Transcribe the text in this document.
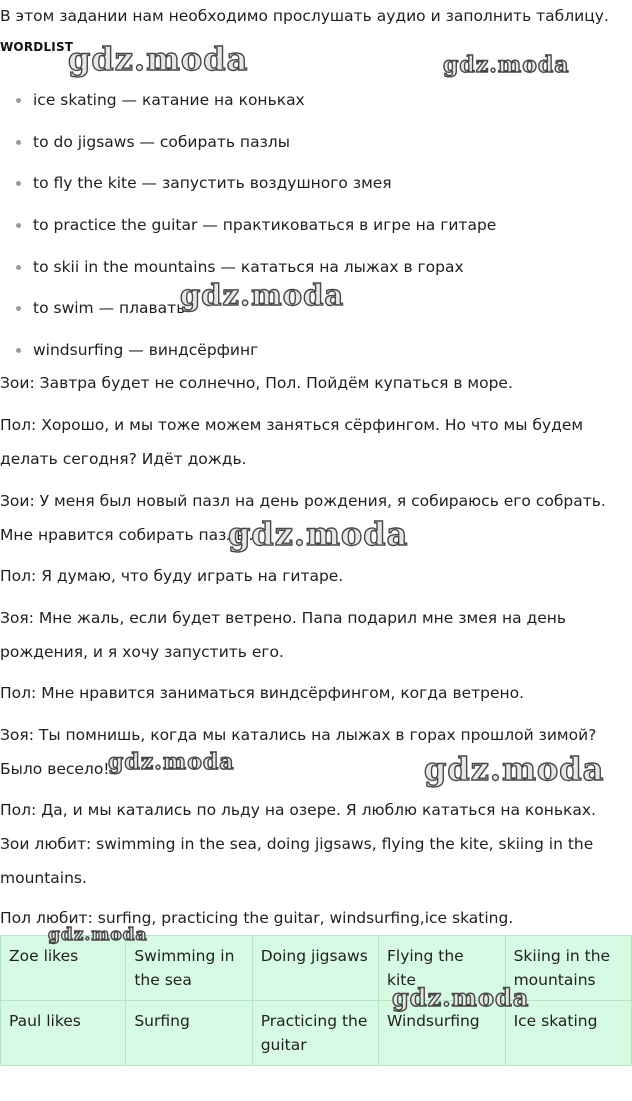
В этом задании нам необходимо прослушать аудио и заполнить таблицу.
WORDLIST
ice skating — катание на коньках
to do jigsaws — собирать пазлы
to fly the kite — запустить воздушного змея
to practice the guitar — практиковаться в игре на гитаре
to skii in the mountains — кататься на лыжах в горах
to swim — плавать
windsurfing — виндсёрфинг
Зои: Завтра будет не солнечно, Пол. Пойдём купаться в море.
Пол: Хорошо, и мы тоже можем заняться сёрфингом. Но что мы будем делать сегодня? Идёт дождь.
Зои: У меня был новый пазл на день рождения, я собираюсь его собрать. Мне нравится собирать пазлы.
Пол: Я думаю, что буду играть на гитаре.
Зоя: Мне жаль, если будет ветрено. Папа подарил мне змея на день рождения, и я хочу запустить его.
Пол: Мне нравится заниматься виндсёрфингом, когда ветрено.
Зоя: Ты помнишь, когда мы катались на лыжах в горах прошлой зимой? Было весело!
Пол: Да, и мы катались по льду на озере. Я люблю кататься на коньках.
Зои любит: swimming in the sea, doing jigsaws, flying the kite, skiing in the mountains.
Пол любит: surfing, practicing the guitar, windsurfing,ice skating.
Zoe likes	Swimming in the sea	Doing jigsaws	Flying the kite	Skiing in the mountains
Paul likes	Surfing	Practicing the guitar	Windsurfing	Ice skating
gdz.moda	gdz.moda
gdz.moda
gdz.moda
gdz.moda	gdz.moda
gdz.moda
gdz.moda
